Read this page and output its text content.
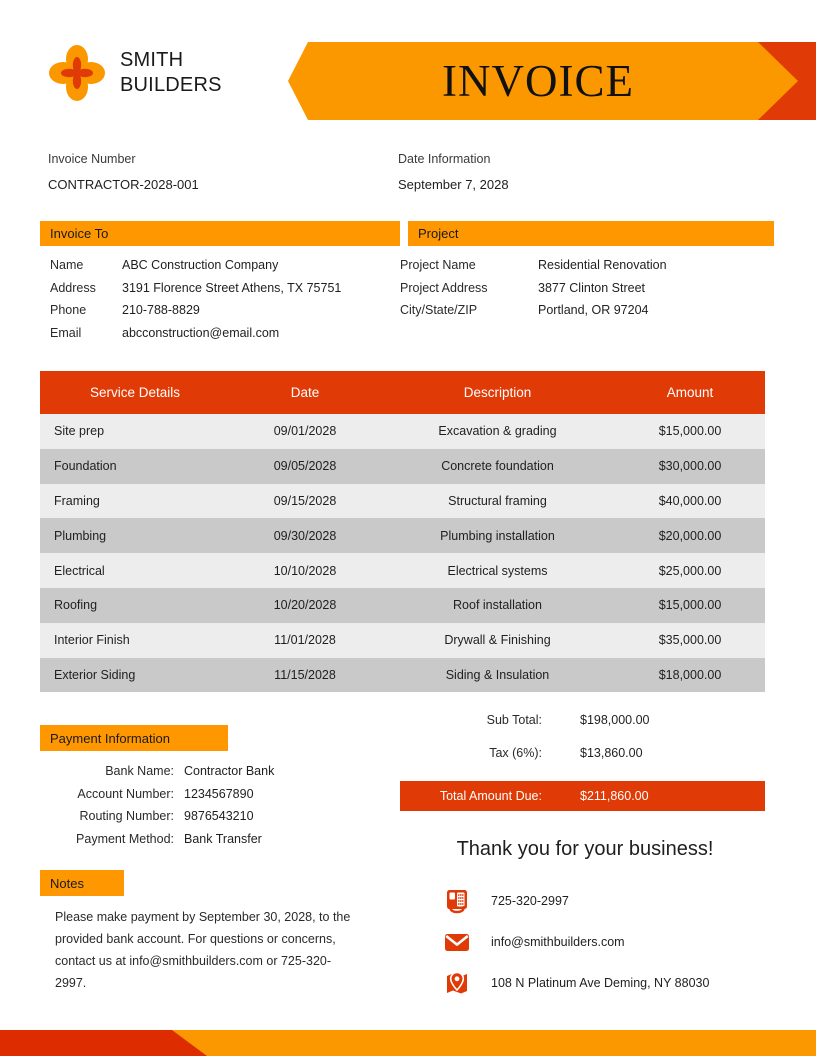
SMITH
BUILDERS	INVOICE
Invoice Number
CONTRACTOR-2028-001
Date Information
September 7, 2028
Invoice To	Project
Name	ABC Construction Company
Address	3191 Florence Street Athens, TX 75751
Phone	210-788-8829
Email	abcconstruction@email.com
Project Name	Residential Renovation
Project Address	3877 Clinton Street
City/State/ZIP	Portland, OR 97204
Service Details	Date	Description	Amount
Site prep	09/01/2028	Excavation & grading	$15,000.00
Foundation	09/05/2028	Concrete foundation	$30,000.00
Framing	09/15/2028	Structural framing	$40,000.00
Plumbing	09/30/2028	Plumbing installation	$20,000.00
Electrical	10/10/2028	Electrical systems	$25,000.00
Roofing	10/20/2028	Roof installation	$15,000.00
Interior Finish	11/01/2028	Drywall & Finishing	$35,000.00
Exterior Siding	11/15/2028	Siding & Insulation	$18,000.00
Payment Information
Bank Name: Contractor Bank
Account Number: 1234567890
Routing Number: 9876543210
Payment Method: Bank Transfer
Notes
Please make payment by September 30, 2028, to the provided bank account. For questions or concerns, contact us at info@smithbuilders.com or 725-320-2997.
Sub Total:	$198,000.00
Tax (6%):	$13,860.00
Total Amount Due:	$211,860.00
Thank you for your business!
725-320-2997
info@smithbuilders.com
108 N Platinum Ave Deming, NY 88030
